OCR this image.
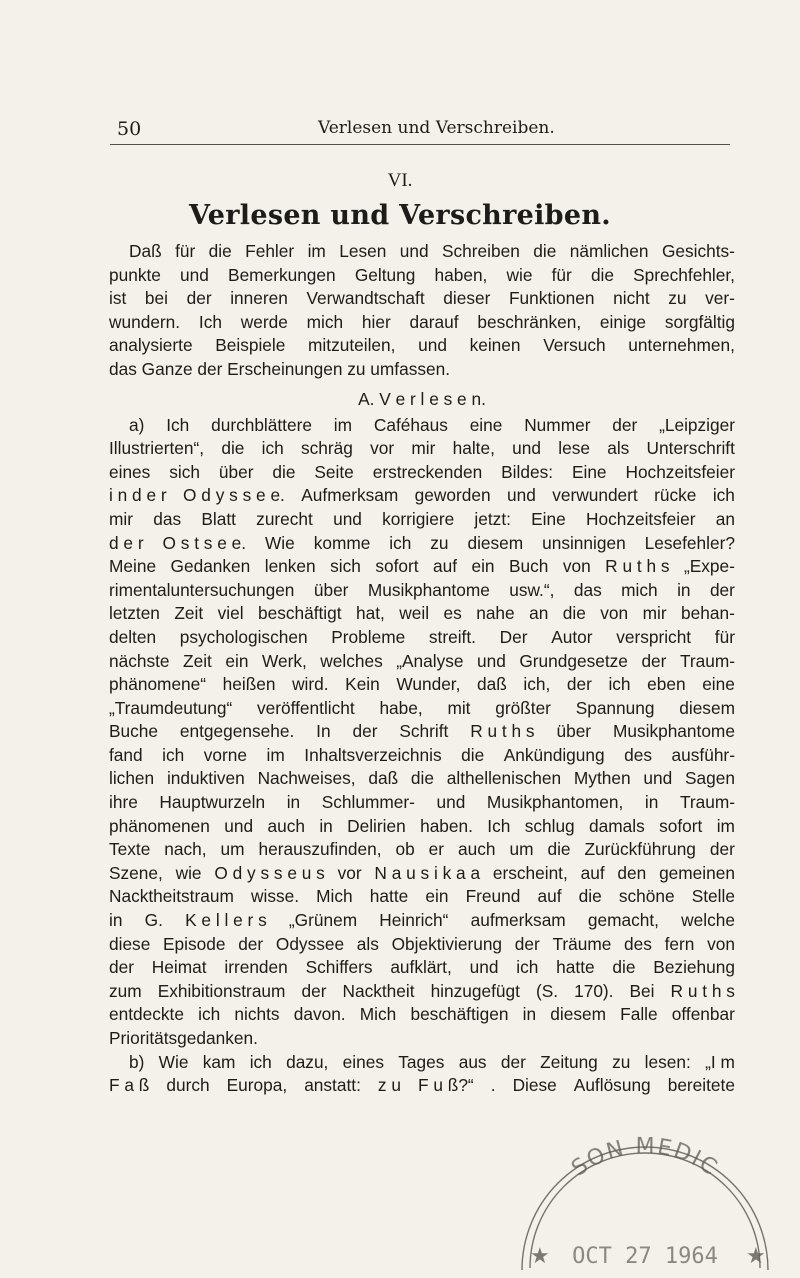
50	Verlesen und Verschreiben.
VI.
Verlesen und Verschreiben.
Daß für die Fehler im Lesen und Schreiben die nämlichen Gesichts-
punkte und Bemerkungen Geltung haben, wie für die Sprechfehler,
ist bei der inneren Verwandtschaft dieser Funktionen nicht zu ver-
wundern. Ich werde mich hier darauf beschränken, einige sorgfältig
analysierte Beispiele mitzuteilen, und keinen Versuch unternehmen,
das Ganze der Erscheinungen zu umfassen.
A. V e r l e s e n.
a) Ich durchblättere im Caféhaus eine Nummer der „Leipziger
Illustrierten“, die ich schräg vor mir halte, und lese als Unterschrift
eines sich über die Seite erstreckenden Bildes: Eine Hochzeitsfeier
i n d e r O d y s s e e. Aufmerksam geworden und verwundert rücke ich
mir das Blatt zurecht und korrigiere jetzt: Eine Hochzeitsfeier an
d e r O s t s e e. Wie komme ich zu diesem unsinnigen Lesefehler?
Meine Gedanken lenken sich sofort auf ein Buch von R u t h s „Expe-
rimentaluntersuchungen über Musikphantome usw.“, das mich in der
letzten Zeit viel beschäftigt hat, weil es nahe an die von mir behan-
delten psychologischen Probleme streift. Der Autor verspricht für
nächste Zeit ein Werk, welches „Analyse und Grundgesetze der Traum-
phänomene“ heißen wird. Kein Wunder, daß ich, der ich eben eine
„Traumdeutung“ veröffentlicht habe, mit größter Spannung diesem
Buche entgegensehe. In der Schrift R u t h s über Musikphantome
fand ich vorne im Inhaltsverzeichnis die Ankündigung des ausführ-
lichen induktiven Nachweises, daß die althellenischen Mythen und Sagen
ihre Hauptwurzeln in Schlummer- und Musikphantomen, in Traum-
phänomenen und auch in Delirien haben. Ich schlug damals sofort im
Texte nach, um herauszufinden, ob er auch um die Zurückführung der
Szene, wie O d y s s e u s vor N a u s i k a a erscheint, auf den gemeinen
Nacktheitstraum wisse. Mich hatte ein Freund auf die schöne Stelle
in G. K e l l e r s „Grünem Heinrich“ aufmerksam gemacht, welche
diese Episode der Odyssee als Objektivierung der Träume des fern von
der Heimat irrenden Schiffers aufklärt, und ich hatte die Beziehung
zum Exhibitionstraum der Nacktheit hinzugefügt (S. 170). Bei R u t h s
entdeckte ich nichts davon. Mich beschäftigen in diesem Falle offenbar
Prioritätsgedanken.
b) Wie kam ich dazu, eines Tages aus der Zeitung zu lesen: „I m
F a ß durch Europa, anstatt: z u F u ß?“ . Diese Auflösung bereitete
SON MEDIC
★	★
OCT 27 1964
